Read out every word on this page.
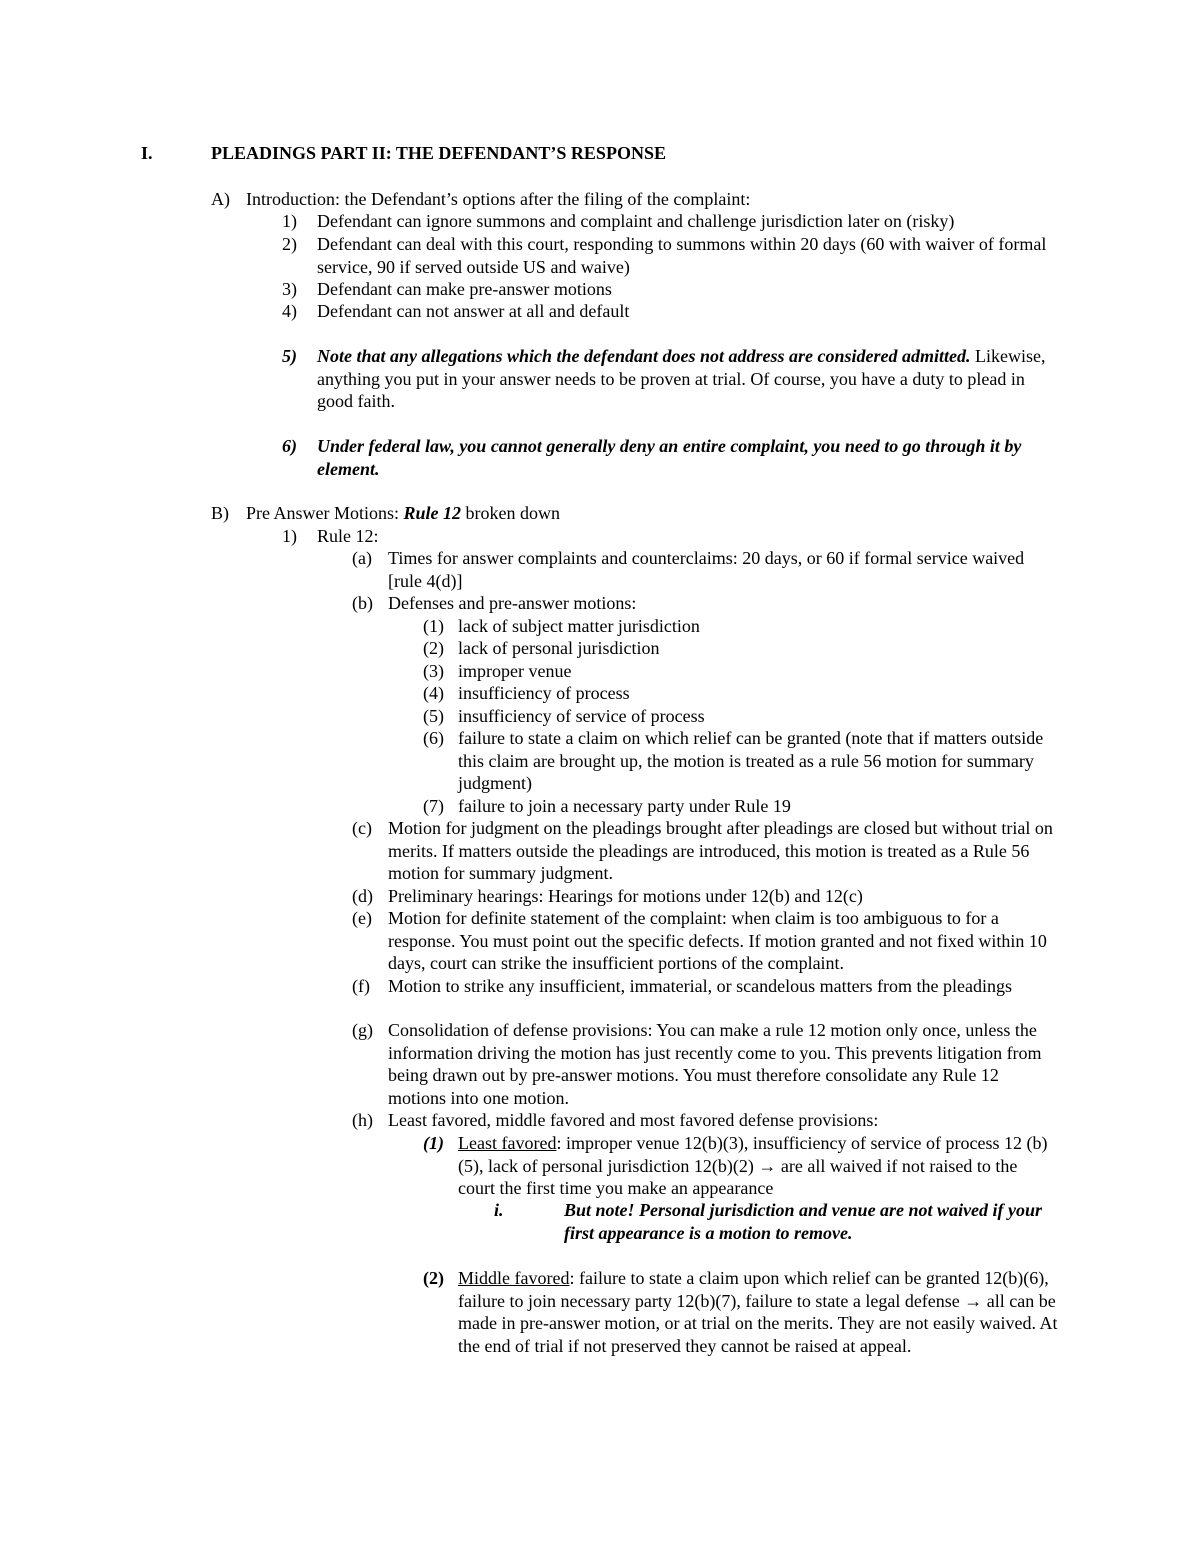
I.	PLEADINGS PART II: THE DEFENDANT’S RESPONSE
A) Introduction: the Defendant’s options after the filing of the complaint:
1) Defendant can ignore summons and complaint and challenge jurisdiction later on (risky)
2) Defendant can deal with this court, responding to summons within 20 days (60 with waiver of formal service, 90 if served outside US and waive)
3) Defendant can make pre-answer motions
4) Defendant can not answer at all and default
5) Note that any allegations which the defendant does not address are considered admitted. Likewise, anything you put in your answer needs to be proven at trial. Of course, you have a duty to plead in good faith.
6) Under federal law, you cannot generally deny an entire complaint, you need to go through it by element.
B) Pre Answer Motions: Rule 12 broken down
1) Rule 12:
(a) Times for answer complaints and counterclaims: 20 days, or 60 if formal service waived [rule 4(d)]
(b) Defenses and pre-answer motions:
(1) lack of subject matter jurisdiction
(2) lack of personal jurisdiction
(3) improper venue
(4) insufficiency of process
(5) insufficiency of service of process
(6) failure to state a claim on which relief can be granted (note that if matters outside this claim are brought up, the motion is treated as a rule 56 motion for summary judgment)
(7) failure to join a necessary party under Rule 19
(c) Motion for judgment on the pleadings brought after pleadings are closed but without trial on merits. If matters outside the pleadings are introduced, this motion is treated as a Rule 56 motion for summary judgment.
(d) Preliminary hearings: Hearings for motions under 12(b) and 12(c)
(e) Motion for definite statement of the complaint: when claim is too ambiguous to for a response. You must point out the specific defects. If motion granted and not fixed within 10 days, court can strike the insufficient portions of the complaint.
(f) Motion to strike any insufficient, immaterial, or scandelous matters from the pleadings
(g) Consolidation of defense provisions: You can make a rule 12 motion only once, unless the information driving the motion has just recently come to you. This prevents litigation from being drawn out by pre-answer motions. You must therefore consolidate any Rule 12 motions into one motion.
(h) Least favored, middle favored and most favored defense provisions:
(1) Least favored: improper venue 12(b)(3), insufficiency of service of process 12 (b)(5), lack of personal jurisdiction 12(b)(2) → are all waived if not raised to the court the first time you make an appearance
i.	But note! Personal jurisdiction and venue are not waived if your first appearance is a motion to remove.
(2) Middle favored: failure to state a claim upon which relief can be granted 12(b)(6), failure to join necessary party 12(b)(7), failure to state a legal defense → all can be made in pre-answer motion, or at trial on the merits. They are not easily waived. At the end of trial if not preserved they cannot be raised at appeal.
